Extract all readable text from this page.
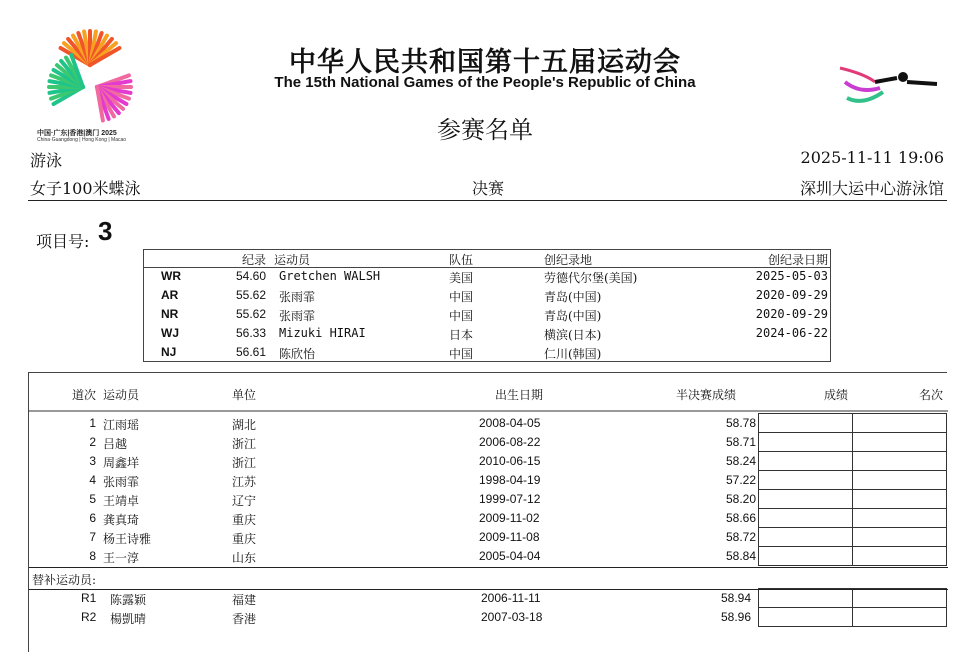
中国·广东|香港|澳门 2025
China·Guangdong | Hong Kong | Macao
中华人民共和国第十五届运动会
The 15th National Games of the People's Republic of China
参赛名单
游泳	2025-11-11 19:06
女子100米蝶泳	决赛	深圳大运中心游泳馆
项目号: 3
纪录 运动员	队伍	创纪录地	创纪录日期
WR	54.60 Gretchen WALSH	美国	劳德代尔堡(美国)	2025-05-03
AR	55.62 张雨霏	中国	青岛(中国)	2020-09-29
NR	55.62 张雨霏	中国	青岛(中国)	2020-09-29
WJ	56.33 Mizuki HIRAI	日本	横滨(日本)	2024-06-22
NJ	56.61 陈欣怡	中国	仁川(韩国)
道次 运动员	单位	出生日期	半决赛成绩	成绩	名次
1 江雨瑶	湖北	2008-04-05	58.78
2 吕越	浙江	2006-08-22	58.71
3 周鑫垟	浙江	2010-06-15	58.24
4 张雨霏	江苏	1998-04-19	57.22
5 王靖卓	辽宁	1999-07-12	58.20
6 龚真琦	重庆	2009-11-02	58.66
7 杨王诗雅	重庆	2009-11-08	58.72
8 王一淳	山东	2005-04-04	58.84
R1 陈露颖	福建	2006-11-11	58.94
R2 楊凱晴	香港	2007-03-18	58.96
替补运动员:
